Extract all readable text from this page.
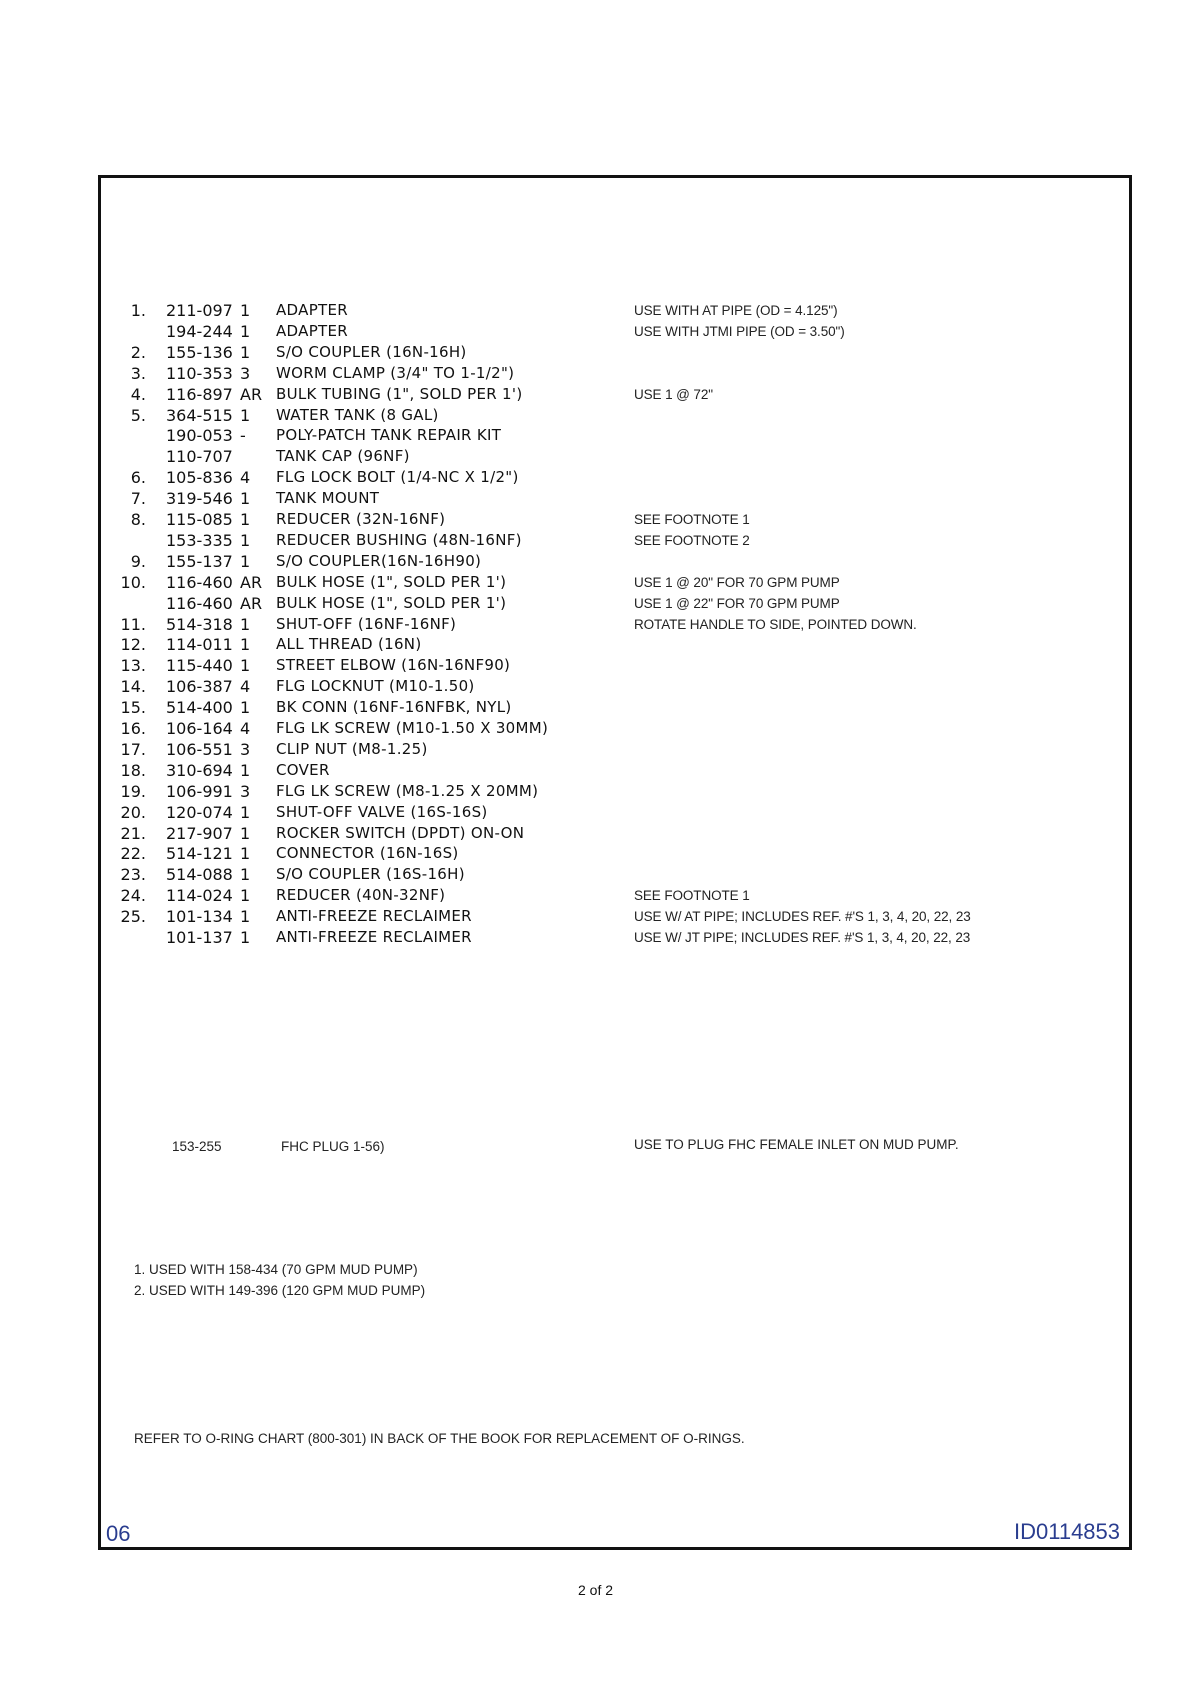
1. 211-097 1	ADAPTER	USE WITH AT PIPE (OD = 4.125")
194-244 1	ADAPTER	USE WITH JTMI PIPE (OD = 3.50")
2. 155-136 1	S/O COUPLER (16N-16H)
3. 110-353 3	WORM CLAMP (3/4" TO 1-1/2")
4. 116-897 AR BULK TUBING (1", SOLD PER 1')	USE 1 @ 72"
5. 364-515 1	WATER TANK (8 GAL)
190-053 -	POLY-PATCH TANK REPAIR KIT
110-707	TANK CAP (96NF)
6. 105-836 4	FLG LOCK BOLT (1/4-NC X 1/2")
7. 319-546 1	TANK MOUNT
8. 115-085 1	REDUCER (32N-16NF)	SEE FOOTNOTE 1
153-335 1	REDUCER BUSHING (48N-16NF)	SEE FOOTNOTE 2
9. 155-137 1	S/O COUPLER(16N-16H90)
10. 116-460 AR BULK HOSE (1", SOLD PER 1')	USE 1 @ 20" FOR 70 GPM PUMP
116-460 AR BULK HOSE (1", SOLD PER 1')	USE 1 @ 22" FOR 70 GPM PUMP
11. 514-318 1	SHUT-OFF (16NF-16NF)	ROTATE HANDLE TO SIDE, POINTED DOWN.
12. 114-011 1	ALL THREAD (16N)
13. 115-440 1	STREET ELBOW (16N-16NF90)
14. 106-387 4	FLG LOCKNUT (M10-1.50)
15. 514-400 1	BK CONN (16NF-16NFBK, NYL)
16. 106-164 4	FLG LK SCREW (M10-1.50 X 30MM)
17. 106-551 3	CLIP NUT (M8-1.25)
18. 310-694 1	COVER
19. 106-991 3	FLG LK SCREW (M8-1.25 X 20MM)
20. 120-074 1	SHUT-OFF VALVE (16S-16S)
21. 217-907 1	ROCKER SWITCH (DPDT) ON-ON
22. 514-121 1	CONNECTOR (16N-16S)
23. 514-088 1	S/O COUPLER (16S-16H)
24. 114-024 1	REDUCER (40N-32NF)	SEE FOOTNOTE 1
25. 101-134 1	ANTI-FREEZE RECLAIMER	USE W/ AT PIPE; INCLUDES REF. #'S 1, 3, 4, 20, 22, 23
101-137 1	ANTI-FREEZE RECLAIMER	USE W/ JT PIPE; INCLUDES REF. #'S 1, 3, 4, 20, 22, 23
153-255	FHC PLUG 1-56)	USE TO PLUG FHC FEMALE INLET ON MUD PUMP.
1. USED WITH 158-434 (70 GPM MUD PUMP)
2. USED WITH 149-396 (120 GPM MUD PUMP)
REFER TO O-RING CHART (800-301) IN BACK OF THE BOOK FOR REPLACEMENT OF O-RINGS.
06	ID0114853
2 of 2
